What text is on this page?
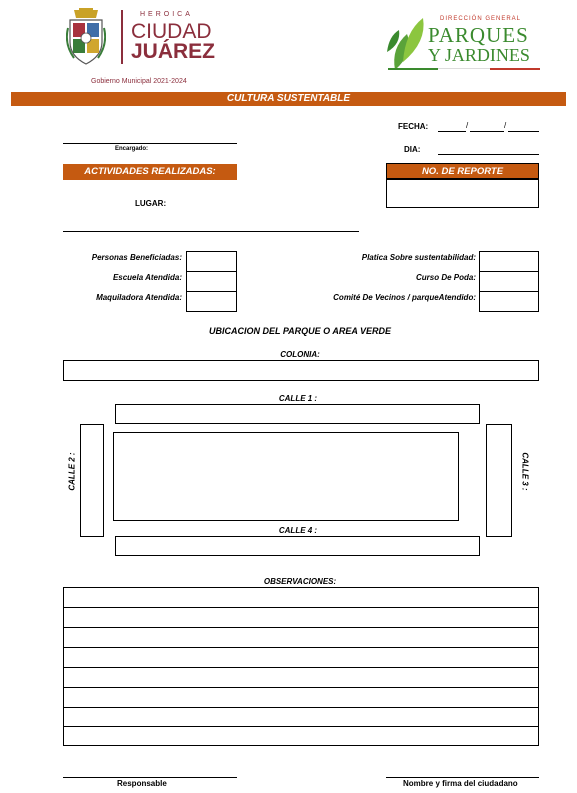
HEROICA
CIUDAD
JUÁREZ
Gobierno Municipal 2021-2024
DIRECCIÓN GENERAL
PARQUES
Y JARDINES
CULTURA SUSTENTABLE
FECHA:	/	/
Encargado:	DIA:
ACTIVIDADES REALIZADAS:	NO. DE REPORTE
LUGAR:
Personas Beneficiadas:
Escuela Atendida:
Maquiladora Atendida:
Platica Sobre sustentabilidad:
Curso De Poda:
Comité De Vecinos / parqueAtendido:
UBICACION DEL PARQUE O AREA VERDE
COLONIA:
CALLE 1 :
CALLE 2 :	CALLE 3 :
CALLE 4 :
OBSERVACIONES:
Responsable	Nombre y firma del ciudadano
